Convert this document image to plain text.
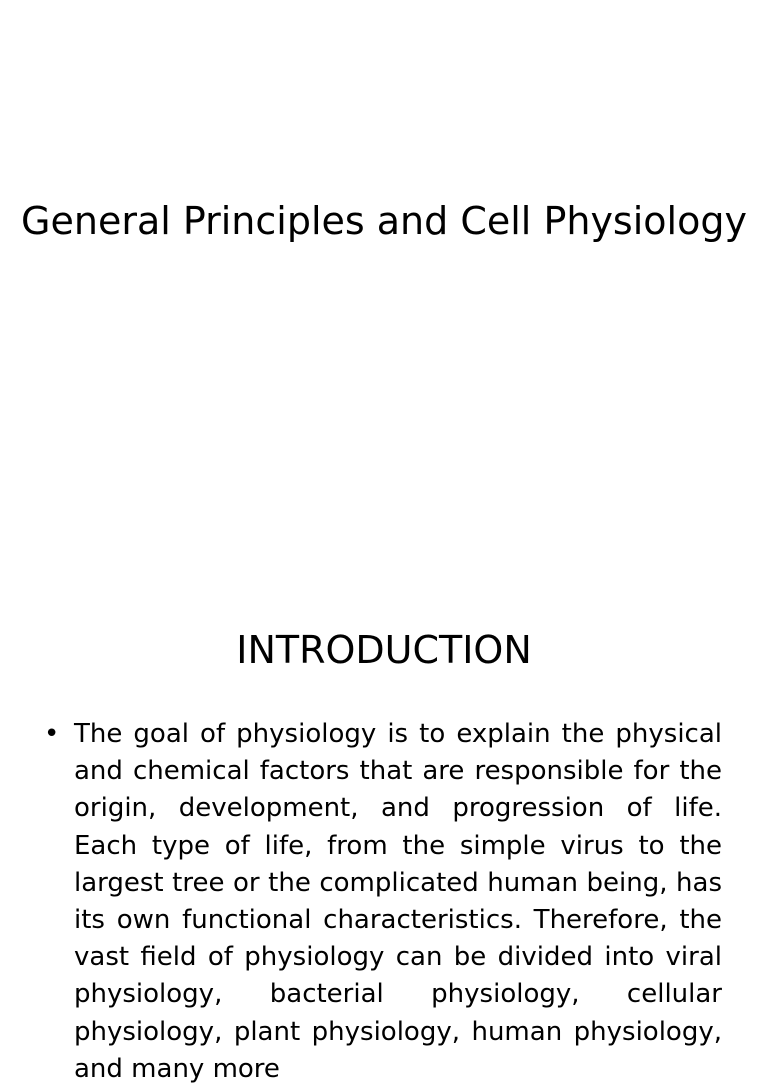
General Principles and Cell Physiology
INTRODUCTION
• The goal of physiology is to explain the physical and chemical factors that are responsible for the origin, development, and progression of life. Each type of life, from the simple virus to the largest tree or the complicated human being, has its own functional characteristics. Therefore, the vast field of physiology can be divided into viral physiology, bacterial physiology, cellular physiology, plant physiology, human physiology, and many more
